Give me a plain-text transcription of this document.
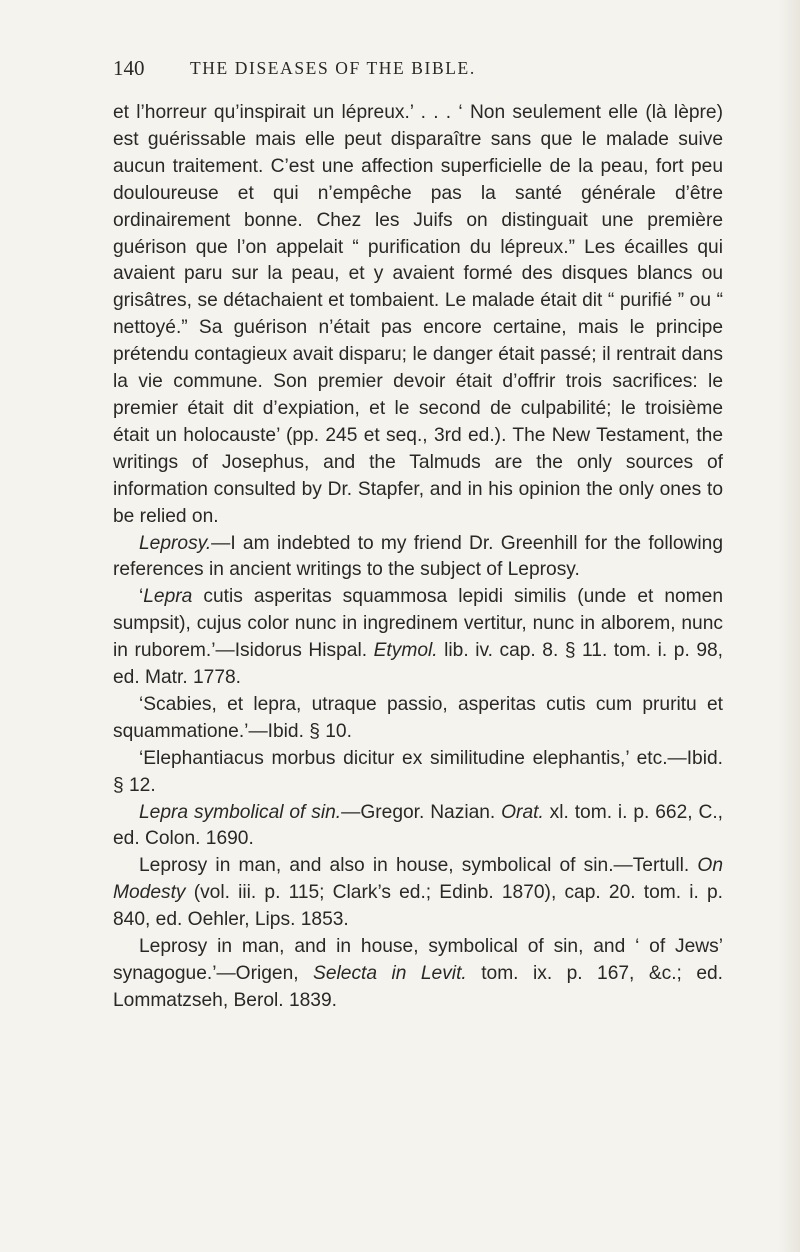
140	THE DISEASES OF THE BIBLE.

et l’horreur qu’inspirait un lépreux.’ . . . ‘ Non seulement elle (là lèpre) est guérissable mais elle peut disparaître sans que le malade suive aucun traitement. C’est une affection superficielle de la peau, fort peu douloureuse et qui n’empêche pas la santé générale d’être ordinairement bonne. Chez les Juifs on distinguait une première guérison que l’on appelait “ purification du lépreux.” Les écailles qui avaient paru sur la peau, et y avaient formé des disques blancs ou grisâtres, se détachaient et tombaient. Le malade était dit “ purifié ” ou “ nettoyé.” Sa guérison n’était pas encore certaine, mais le principe prétendu contagieux avait disparu; le danger était passé; il rentrait dans la vie commune. Son premier devoir était d’offrir trois sacrifices: le premier était dit d’expiation, et le second de culpabilité; le troisième était un holocauste’ (pp. 245 et seq., 3rd ed.). The New Testament, the writings of Josephus, and the Talmuds are the only sources of information consulted by Dr. Stapfer, and in his opinion the only ones to be relied on.

Leprosy.—I am indebted to my friend Dr. Greenhill for the following references in ancient writings to the subject of Leprosy.

‘Lepra cutis asperitas squammosa lepidi similis (unde et nomen sumpsit), cujus color nunc in ingredinem vertitur, nunc in alborem, nunc in ruborem.’—Isidorus Hispal. Etymol. lib. iv. cap. 8. § 11. tom. i. p. 98, ed. Matr. 1778.

‘Scabies, et lepra, utraque passio, asperitas cutis cum pruritu et squammatione.’—Ibid. § 10.

‘Elephantiacus morbus dicitur ex similitudine elephantis,’ etc.—Ibid. § 12.

Lepra symbolical of sin.—Gregor. Nazian. Orat. xl. tom. i. p. 662, C., ed. Colon. 1690.

Leprosy in man, and also in house, symbolical of sin.—Tertull. On Modesty (vol. iii. p. 115; Clark’s ed.; Edinb. 1870), cap. 20. tom. i. p. 840, ed. Oehler, Lips. 1853.

Leprosy in man, and in house, symbolical of sin, and ‘ of Jews’ synagogue.’—Origen, Selecta in Levit. tom. ix. p. 167, &c.; ed. Lommatzseh, Berol. 1839.
